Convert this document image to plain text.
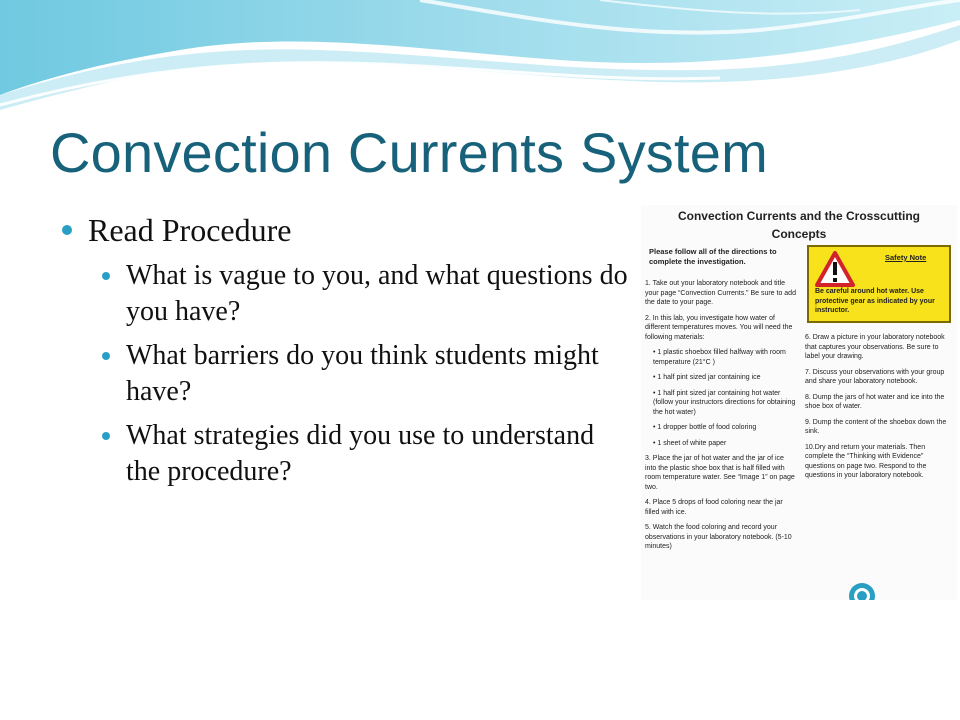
Convection Currents System
Read Procedure
What is vague to you, and what questions do you have?
What barriers do you think students might have?
What strategies did you use to understand the procedure?
Convection Currents and the Crosscutting
Concepts
Please follow all of the directions to complete the investigation.

1. Take out your laboratory notebook and title your page “Convection Currents.” Be sure to add the date to your page.

2. In this lab, you investigate how water of different temperatures moves. You will need the following materials:

• 1 plastic shoebox filled halfway with room temperature (21°C )

• 1 half pint sized jar containing ice

• 1 half pint sized jar containing hot water (follow your instructors directions for obtaining the hot water)

• 1 dropper bottle of food coloring

• 1 sheet of white paper

3. Place the jar of hot water and the jar of ice into the plastic shoe box that is half filled with room temperature water. See “Image 1” on page two.

4. Place 5 drops of food coloring near the jar filled with ice.

5. Watch the food coloring and record your observations in your laboratory notebook. (5-10 minutes)

Safety Note
Be careful around hot water. Use protective gear as indicated by your instructor.

6. Draw a picture in your laboratory notebook that captures your observations. Be sure to label your drawing.

7. Discuss your observations with your group and share your laboratory notebook.

8. Dump the jars of hot water and ice into the shoe box of water.

9. Dump the content of the shoebox down the sink.

10.Dry and return your materials. Then complete the “Thinking with Evidence” questions on page two. Respond to the questions in your laboratory notebook.
